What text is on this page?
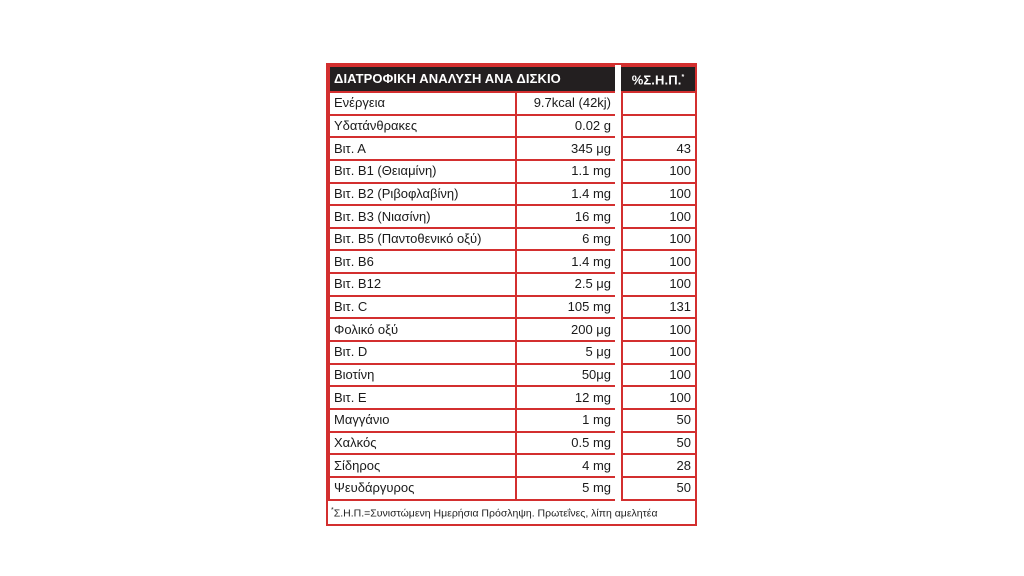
ΔΙΑΤΡΟΦΙΚΗ ΑΝΑΛΥΣΗ ΑΝΑ ΔΙΣΚΙΟ		%Σ.Η.Π.*
Ενέργεια	9.7kcal (42kj)	
Υδατάνθρακες	0.02 g	
Βιτ. Α	345 μg	43
Βιτ. Β1 (Θειαμίνη)	1.1 mg	100
Βιτ. Β2 (Ριβοφλαβίνη)	1.4 mg	100
Βιτ. Β3 (Νιασίνη)	16 mg	100
Βιτ. Β5 (Παντοθενικό οξύ)	6 mg	100
Βιτ. Β6	1.4 mg	100
Βιτ. Β12	2.5 μg	100
Βιτ. C	105 mg	131
Φολικό οξύ	200 μg	100
Βιτ. D	5 μg	100
Βιοτίνη	50μg	100
Βιτ. Ε	12 mg	100
Μαγγάνιο	1 mg	50
Χαλκός	0.5 mg	50
Σίδηρος	4 mg	28
Ψευδάργυρος	5 mg	50
*Σ.Η.Π.=Συνιστώμενη Ημερήσια Πρόσληψη. Πρωτεΐνες, λίπη αμελητέα
